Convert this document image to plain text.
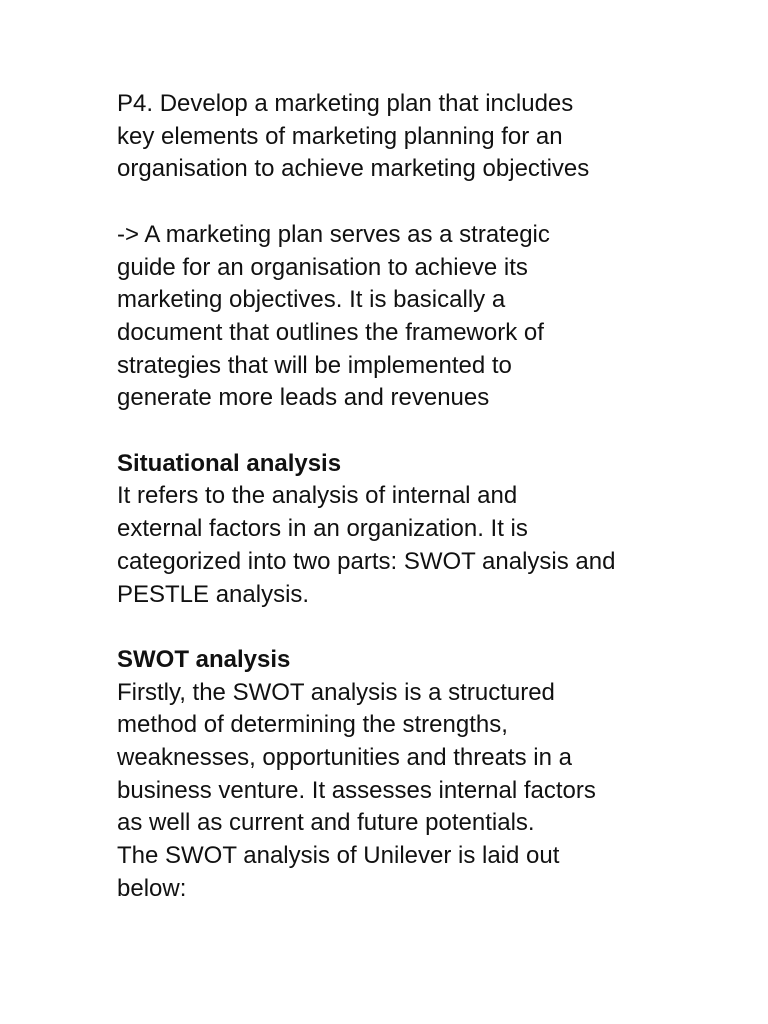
P4. Develop a marketing plan that includes
key elements of marketing planning for an
organisation to achieve marketing objectives
-> A marketing plan serves as a strategic
guide for an organisation to achieve its
marketing objectives. It is basically a
document that outlines the framework of
strategies that will be implemented to
generate more leads and revenues
Situational analysis
It refers to the analysis of internal and
external factors in an organization. It is
categorized into two parts: SWOT analysis and
PESTLE analysis.
SWOT analysis
Firstly, the SWOT analysis is a structured
method of determining the strengths,
weaknesses, opportunities and threats in a
business venture. It assesses internal factors
as well as current and future potentials.
The SWOT analysis of Unilever is laid out
below:
